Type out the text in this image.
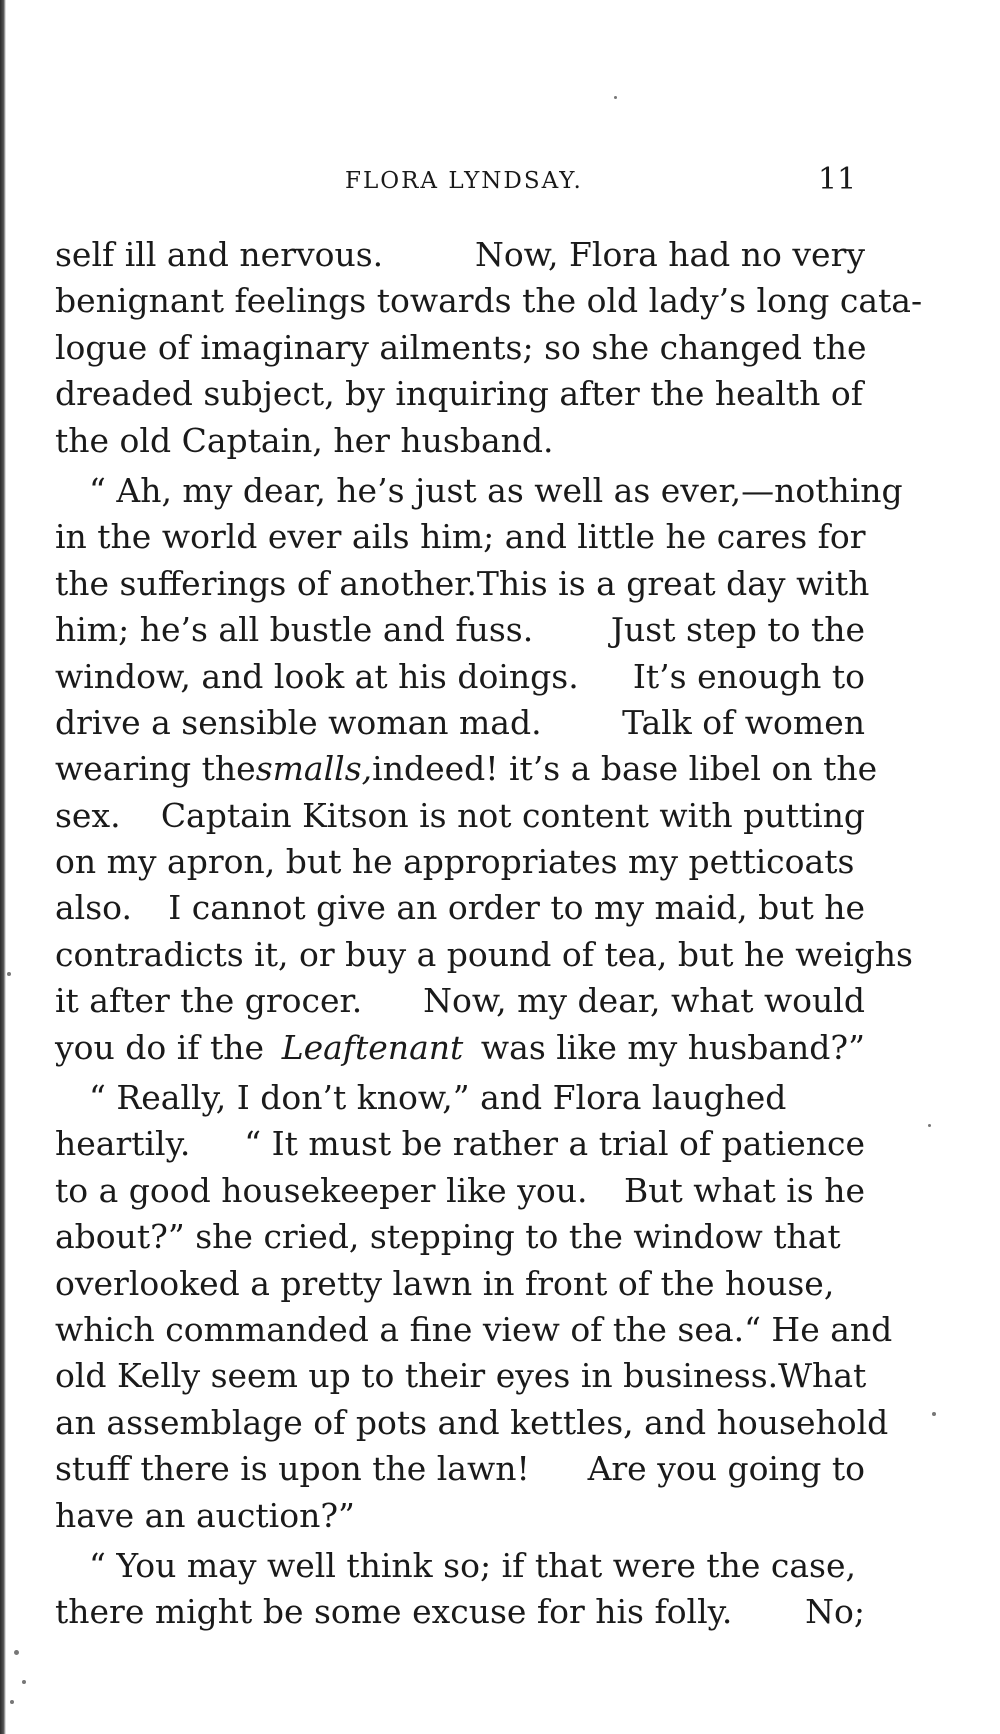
FLORA LYNDSAY.	11
self ill and nervous.	Now, Flora had no very
benignant feelings towards the old lady’s long cata-
logue of imaginary ailments; so she changed the
dreaded subject, by inquiring after the health of
the old Captain, her husband.
“ Ah, my dear, he’s just as well as ever,—nothing
in the world ever ails him; and little he cares for
the sufferings of another. This is a great day with
him; he’s all bustle and fuss. Just step to the
window, and look at his doings. It’s enough to
drive a sensible woman mad. Talk of women
wearing the smalls, indeed! it’s a base libel on the
sex. Captain Kitson is not content with putting
on my apron, but he appropriates my petticoats
also. I cannot give an order to my maid, but he
contradicts it, or buy a pound of tea, but he weighs
it after the grocer. Now, my dear, what would
you do if the Leaftenant was like my husband?”
“ Really, I don’t know,” and Flora laughed
heartily. “ It must be rather a trial of patience
to a good housekeeper like you. But what is he
about?” she cried, stepping to the window that
overlooked a pretty lawn in front of the house,
which commanded a fine view of the sea. “ He and
old Kelly seem up to their eyes in business. What
an assemblage of pots and kettles, and household
stuff there is upon the lawn! Are you going to
have an auction?”
“ You may well think so; if that were the case,
there might be some excuse for his folly. No;
